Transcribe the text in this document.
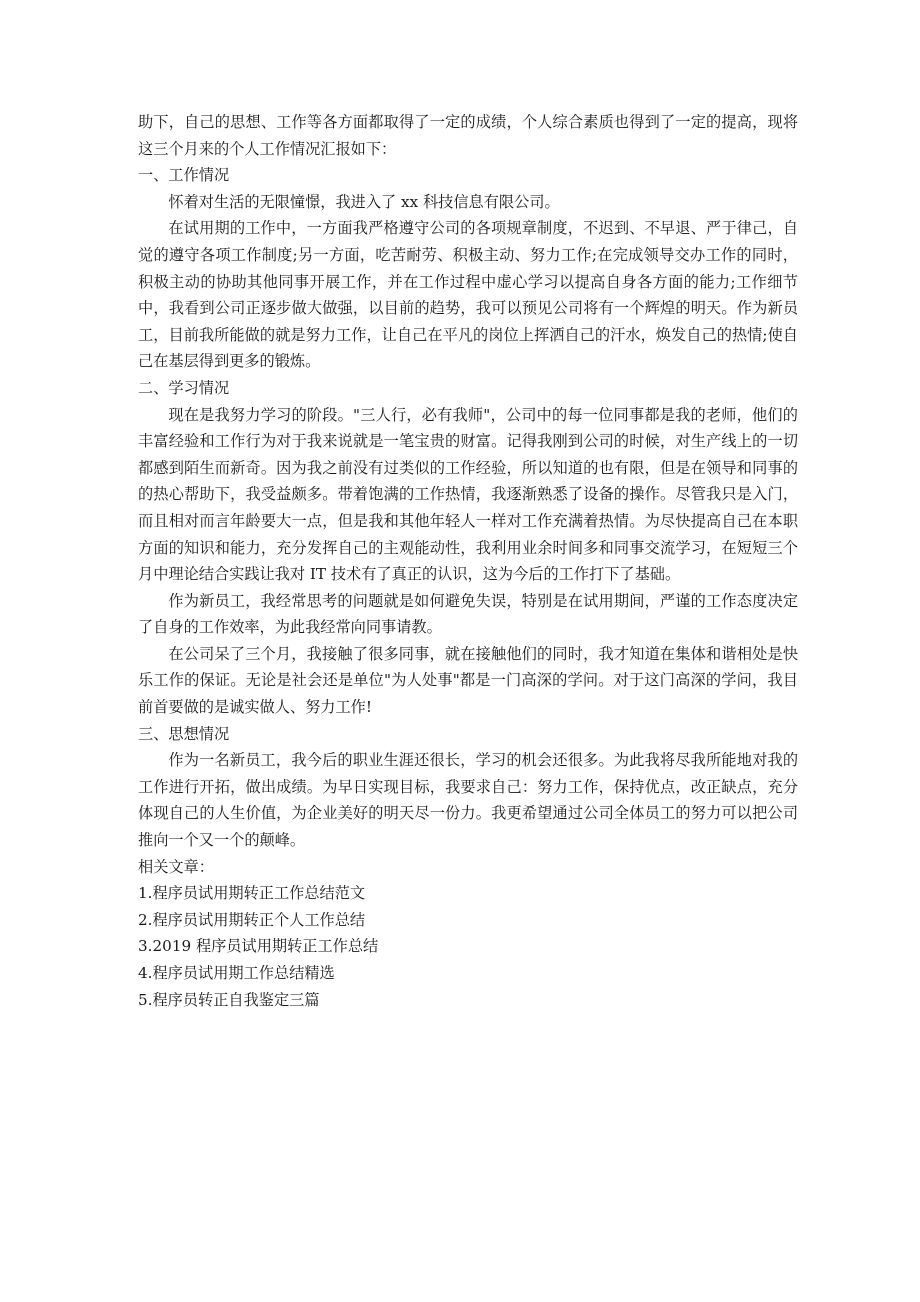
助下，自己的思想、工作等各方面都取得了一定的成绩，个人综合素质也得到了一定的提高，现将这三个月来的个人工作情况汇报如下：

一、工作情况

怀着对生活的无限憧憬，我进入了 xx 科技信息有限公司。

在试用期的工作中，一方面我严格遵守公司的各项规章制度，不迟到、不早退、严于律己，自觉的遵守各项工作制度;另一方面，吃苦耐劳、积极主动、努力工作;在完成领导交办工作的同时，积极主动的协助其他同事开展工作，并在工作过程中虚心学习以提高自身各方面的能力;工作细节中，我看到公司正逐步做大做强，以目前的趋势，我可以预见公司将有一个辉煌的明天。作为新员工，目前我所能做的就是努力工作，让自己在平凡的岗位上挥洒自己的汗水，焕发自己的热情;使自己在基层得到更多的锻炼。

二、学习情况

现在是我努力学习的阶段。"三人行，必有我师"，公司中的每一位同事都是我的老师，他们的丰富经验和工作行为对于我来说就是一笔宝贵的财富。记得我刚到公司的时候，对生产线上的一切都感到陌生而新奇。因为我之前没有过类似的工作经验，所以知道的也有限，但是在领导和同事的的热心帮助下，我受益颇多。带着饱满的工作热情，我逐渐熟悉了设备的操作。尽管我只是入门，而且相对而言年龄要大一点，但是我和其他年轻人一样对工作充满着热情。为尽快提高自己在本职方面的知识和能力，充分发挥自己的主观能动性，我利用业余时间多和同事交流学习，在短短三个月中理论结合实践让我对 IT 技术有了真正的认识，这为今后的工作打下了基础。

作为新员工，我经常思考的问题就是如何避免失误，特别是在试用期间，严谨的工作态度决定了自身的工作效率，为此我经常向同事请教。

在公司呆了三个月，我接触了很多同事，就在接触他们的同时，我才知道在集体和谐相处是快乐工作的保证。无论是社会还是单位"为人处事"都是一门高深的学问。对于这门高深的学问，我目前首要做的是诚实做人、努力工作!

三、思想情况

作为一名新员工，我今后的职业生涯还很长，学习的机会还很多。为此我将尽我所能地对我的工作进行开拓，做出成绩。为早日实现目标，我要求自己：努力工作，保持优点，改正缺点，充分体现自己的人生价值，为企业美好的明天尽一份力。我更希望通过公司全体员工的努力可以把公司推向一个又一个的颠峰。

相关文章：

1.程序员试用期转正工作总结范文
2.程序员试用期转正个人工作总结
3.2019 程序员试用期转正工作总结
4.程序员试用期工作总结精选
5.程序员转正自我鉴定三篇
